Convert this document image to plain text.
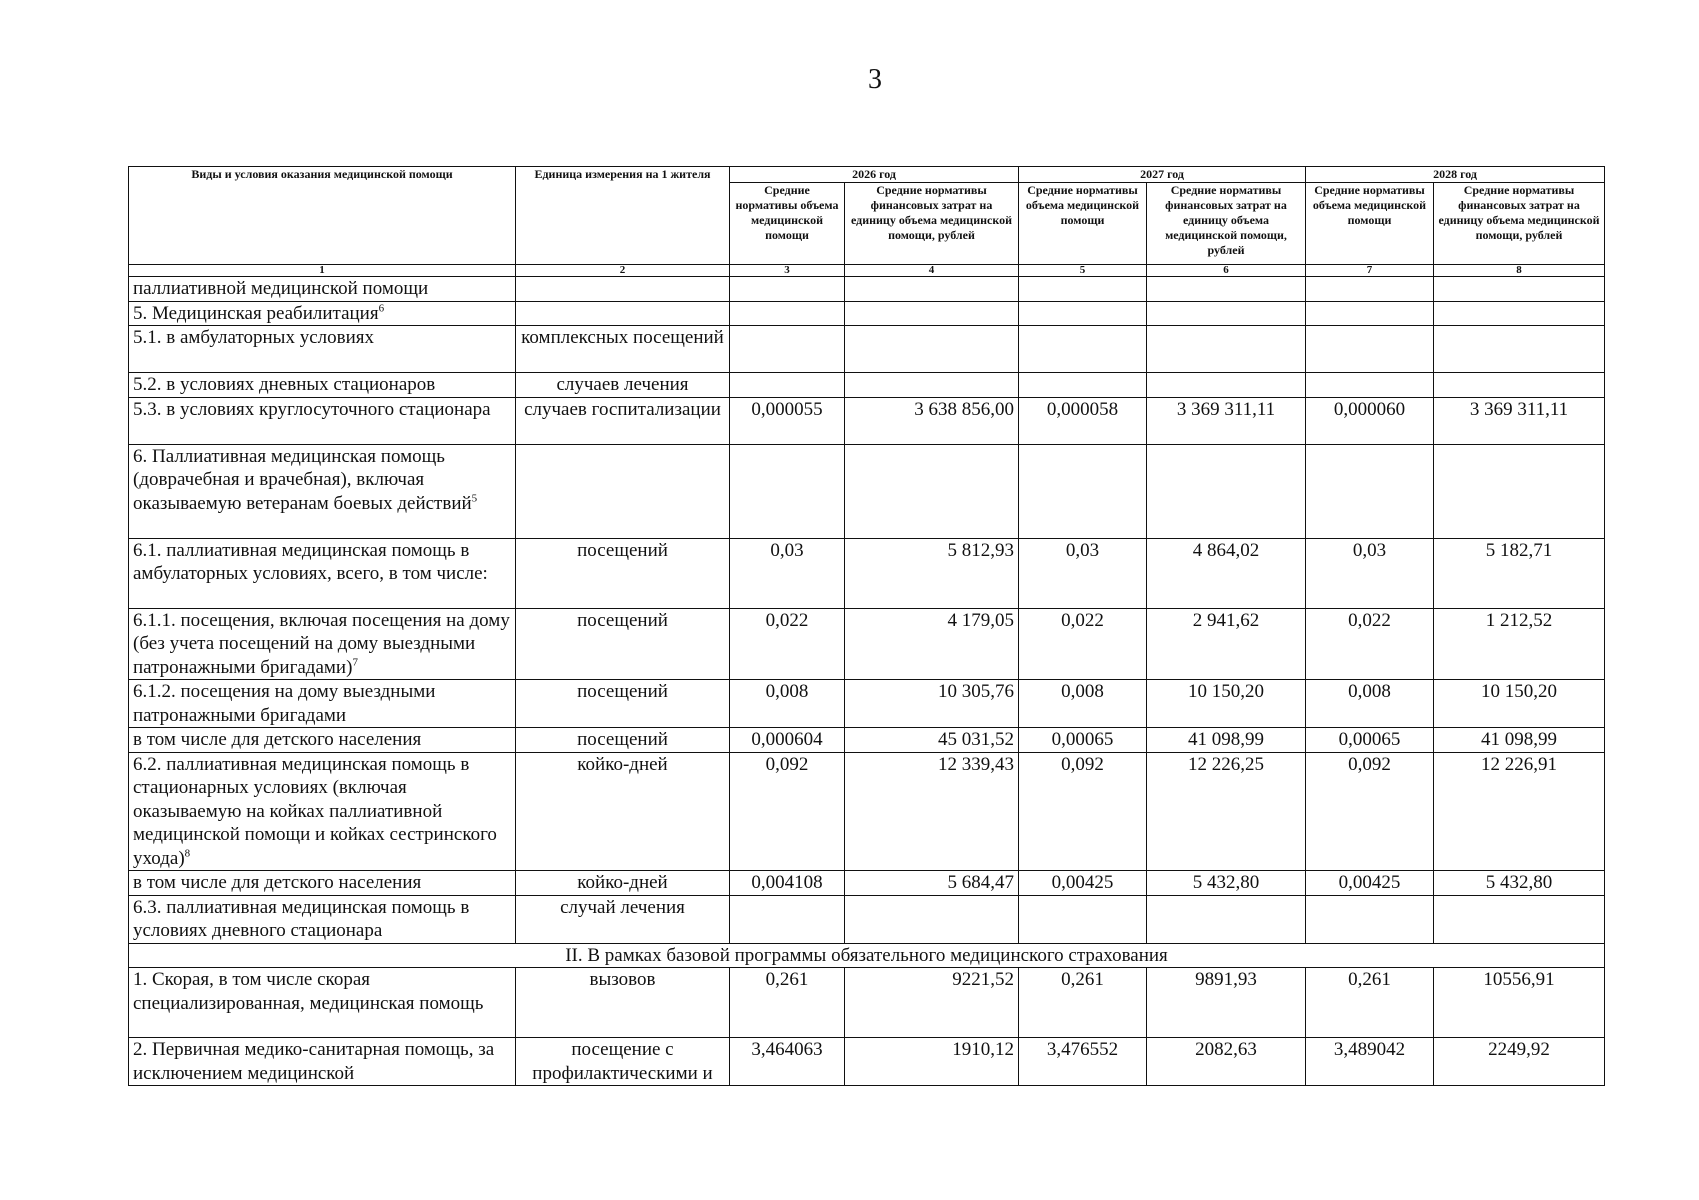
3
Виды и условия оказания медицинской помощи	Единица измерения на 1 жителя	2026 год		2027 год		2028 год	
		Средние нормативы объема медицинской помощи	Средние нормативы финансовых затрат на единицу объема медицинской помощи, рублей	Средние нормативы объема медицинской помощи	Средние нормативы финансовых затрат на единицу объема медицинской помощи, рублей	Средние нормативы объема медицинской помощи	Средние нормативы финансовых затрат на единицу объема медицинской помощи, рублей
1	2	3	4	5	6	7	8
паллиативной медицинской помощи							
5. Медицинская реабилитация$^6$							
5.1. в амбулаторных условиях	комплексных посещений						
5.2. в условиях дневных стационаров	случаев лечения						
5.3. в условиях круглосуточного стационара	случаев госпитализации	0,000055	3 638 856,00	0,000058	3 369 311,11	0,000060	3 369 311,11
6. Паллиативная медицинская помощь (доврачебная и врачебная), включая оказываемую ветеранам боевых действий$^5$							
6.1. паллиативная медицинская помощь в амбулаторных условиях, всего, в том числе:	посещений	0,03	5 812,93	0,03	4 864,02	0,03	5 182,71
6.1.1. посещения, включая посещения на дому (без учета посещений на дому выездными патронажными бригадами)$^7$	посещений	0,022	4 179,05	0,022	2 941,62	0,022	1 212,52
6.1.2. посещения на дому выездными патронажными бригадами	посещений	0,008	10 305,76	0,008	10 150,20	0,008	10 150,20
в том числе для детского населения	посещений	0,000604	45 031,52	0,00065	41 098,99	0,00065	41 098,99
6.2. паллиативная медицинская помощь в стационарных условиях (включая оказываемую на койках паллиативной медицинской помощи и койках сестринского ухода)$^8$	койко-дней	0,092	12 339,43	0,092	12 226,25	0,092	12 226,91
в том числе для детского населения	койко-дней	0,004108	5 684,47	0,00425	5 432,80	0,00425	5 432,80
6.3. паллиативная медицинская помощь в условиях дневного стационара	случай лечения						
II. В рамках базовой программы обязательного медицинского страхования							
1. Скорая, в том числе скорая специализированная, медицинская помощь	вызовов	0,261	9221,52	0,261	9891,93	0,261	10556,91
2. Первичная медико-санитарная помощь, за исключением медицинской	посещение с профилактическими и	3,464063	1910,12	3,476552	2082,63	3,489042	2249,92
